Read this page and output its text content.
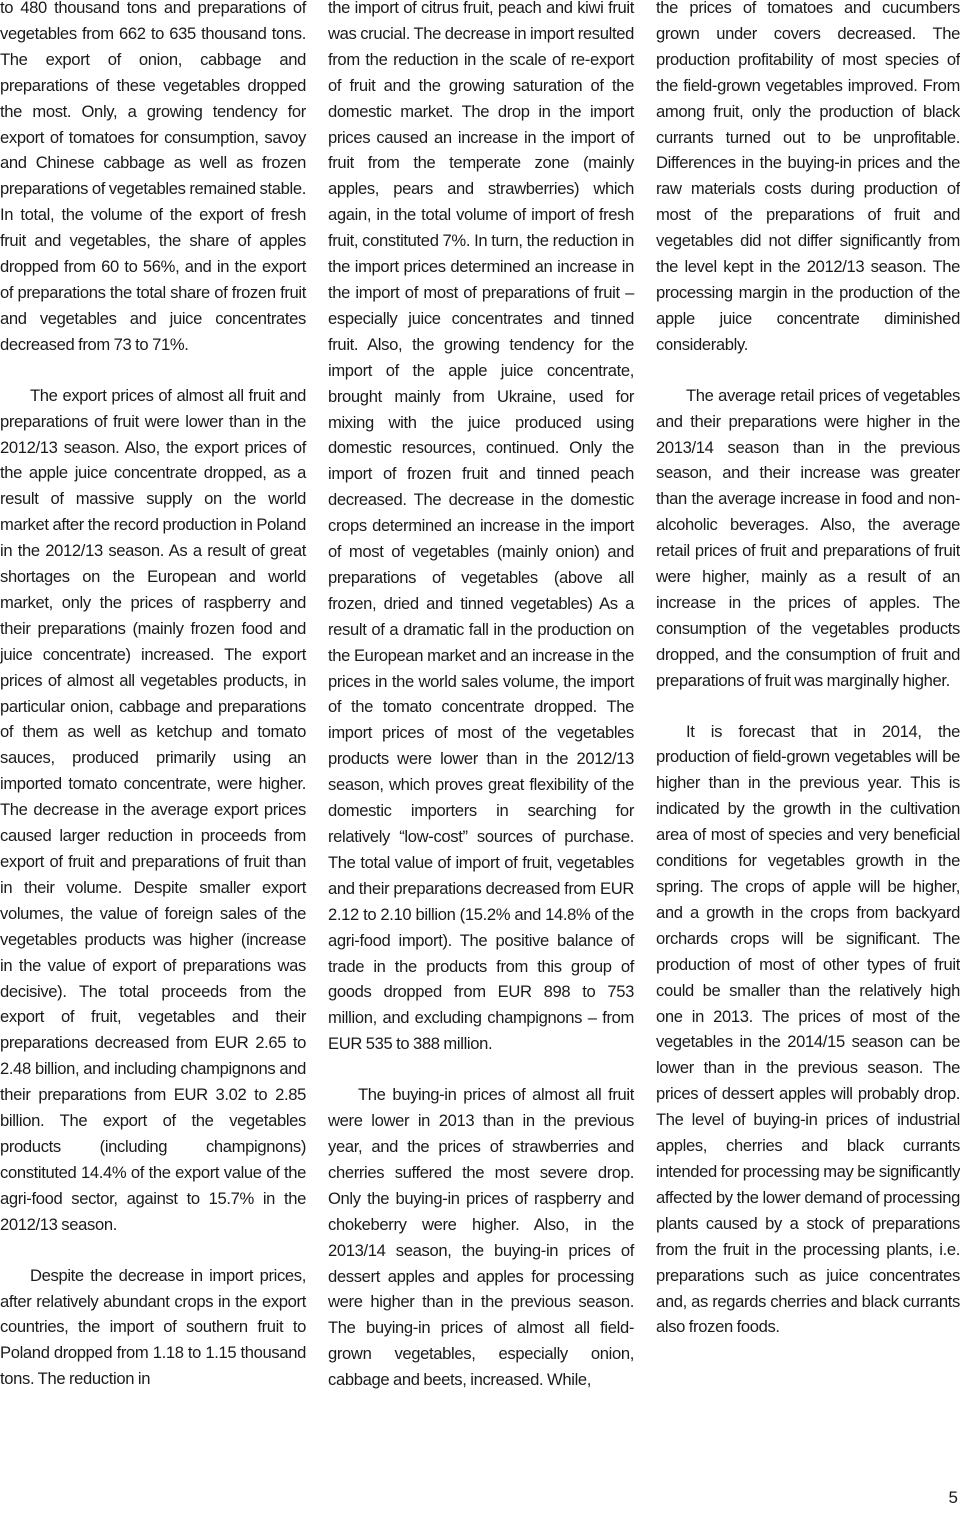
to 480 thousand tons and preparations of vegetables from 662 to 635 thousand tons. The export of onion, cabbage and preparations of these vegetables dropped the most. Only, a growing tendency for export of tomatoes for consumption, savoy and Chinese cabbage as well as frozen preparations of vegetables remained stable. In total, the volume of the export of fresh fruit and vegetables, the share of apples dropped from 60 to 56%, and in the export of preparations the total share of frozen fruit and vegetables and juice concentrates decreased from 73 to 71%.

The export prices of almost all fruit and preparations of fruit were lower than in the 2012/13 season. Also, the export prices of the apple juice concentrate dropped, as a result of massive supply on the world market after the record production in Poland in the 2012/13 season. As a result of great shortages on the European and world market, only the prices of raspberry and their preparations (mainly frozen food and juice concentrate) increased. The export prices of almost all vegetables products, in particular onion, cabbage and preparations of them as well as ketchup and tomato sauces, produced primarily using an imported tomato concentrate, were higher. The decrease in the average export prices caused larger reduction in proceeds from export of fruit and preparations of fruit than in their volume. Despite smaller export volumes, the value of foreign sales of the vegetables products was higher (increase in the value of export of preparations was decisive). The total proceeds from the export of fruit, vegetables and their preparations decreased from EUR 2.65 to 2.48 billion, and including champignons and their preparations from EUR 3.02 to 2.85 billion. The export of the vegetables products (including champignons) constituted 14.4% of the export value of the agri-food sector, against to 15.7% in the 2012/13 season.

Despite the decrease in import prices, after relatively abundant crops in the export countries, the import of southern fruit to Poland dropped from 1.18 to 1.15 thousand tons. The reduction in

the import of citrus fruit, peach and kiwi fruit was crucial. The decrease in import resulted from the reduction in the scale of re-export of fruit and the growing saturation of the domestic market. The drop in the import prices caused an increase in the import of fruit from the temperate zone (mainly apples, pears and strawberries) which again, in the total volume of import of fresh fruit, constituted 7%. In turn, the reduction in the import prices determined an increase in the import of most of preparations of fruit – especially juice concentrates and tinned fruit. Also, the growing tendency for the import of the apple juice concentrate, brought mainly from Ukraine, used for mixing with the juice produced using domestic resources, continued. Only the import of frozen fruit and tinned peach decreased. The decrease in the domestic crops determined an increase in the import of most of vegetables (mainly onion) and preparations of vegetables (above all frozen, dried and tinned vegetables) As a result of a dramatic fall in the production on the European market and an increase in the prices in the world sales volume, the import of the tomato concentrate dropped. The import prices of most of the vegetables products were lower than in the 2012/13 season, which proves great flexibility of the domestic importers in searching for relatively “low-cost” sources of purchase. The total value of import of fruit, vegetables and their preparations decreased from EUR 2.12 to 2.10 billion (15.2% and 14.8% of the agri-food import). The positive balance of trade in the products from this group of goods dropped from EUR 898 to 753 million, and excluding champignons – from EUR 535 to 388 million.

The buying-in prices of almost all fruit were lower in 2013 than in the previous year, and the prices of strawberries and cherries suffered the most severe drop. Only the buying-in prices of raspberry and chokeberry were higher. Also, in the 2013/14 season, the buying-in prices of dessert apples and apples for processing were higher than in the previous season. The buying-in prices of almost all field-grown vegetables, especially onion, cabbage and beets, increased. While,

the prices of tomatoes and cucumbers grown under covers decreased. The production profitability of most species of the field-grown vegetables improved. From among fruit, only the production of black currants turned out to be unprofitable. Differences in the buying-in prices and the raw materials costs during production of most of the preparations of fruit and vegetables did not differ significantly from the level kept in the 2012/13 season. The processing margin in the production of the apple juice concentrate diminished considerably.

The average retail prices of vegetables and their preparations were higher in the 2013/14 season than in the previous season, and their increase was greater than the average increase in food and non-alcoholic beverages. Also, the average retail prices of fruit and preparations of fruit were higher, mainly as a result of an increase in the prices of apples. The consumption of the vegetables products dropped, and the consumption of fruit and preparations of fruit was marginally higher.

It is forecast that in 2014, the production of field-grown vegetables will be higher than in the previous year. This is indicated by the growth in the cultivation area of most of species and very beneficial conditions for vegetables growth in the spring. The crops of apple will be higher, and a growth in the crops from backyard orchards crops will be significant. The production of most of other types of fruit could be smaller than the relatively high one in 2013. The prices of most of the vegetables in the 2014/15 season can be lower than in the previous season. The prices of dessert apples will probably drop. The level of buying-in prices of industrial apples, cherries and black currants intended for processing may be significantly affected by the lower demand of processing plants caused by a stock of preparations from the fruit in the processing plants, i.e. preparations such as juice concentrates and, as regards cherries and black currants also frozen foods.

5
